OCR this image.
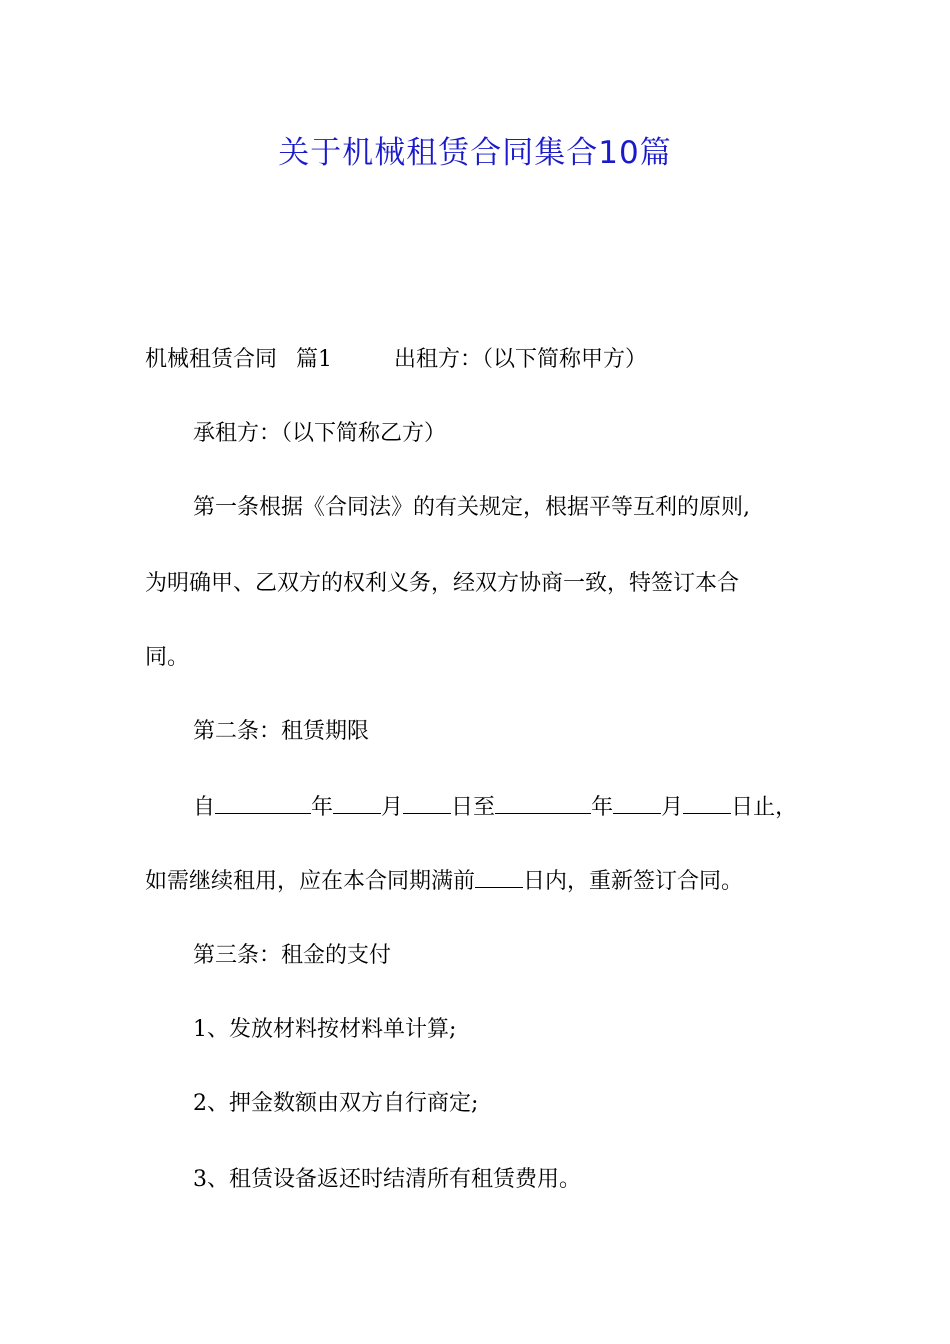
关于机械租赁合同集合10篇
机械租赁合同 篇1	出租方：（以下简称甲方）
承租方：（以下简称乙方）
第一条根据《合同法》的有关规定，根据平等互利的原则,
为明确甲、乙双方的权利义务，经双方协商一致，特签订本合
同。
第二条：租赁期限
自	年 月 日至	年 月 日止，
如需继续租用，应在本合同期满前 日内，重新签订合同。
第三条：租金的支付
1、发放材料按材料单计算;
2、押金数额由双方自行商定;
3、租赁设备返还时结清所有租赁费用。
